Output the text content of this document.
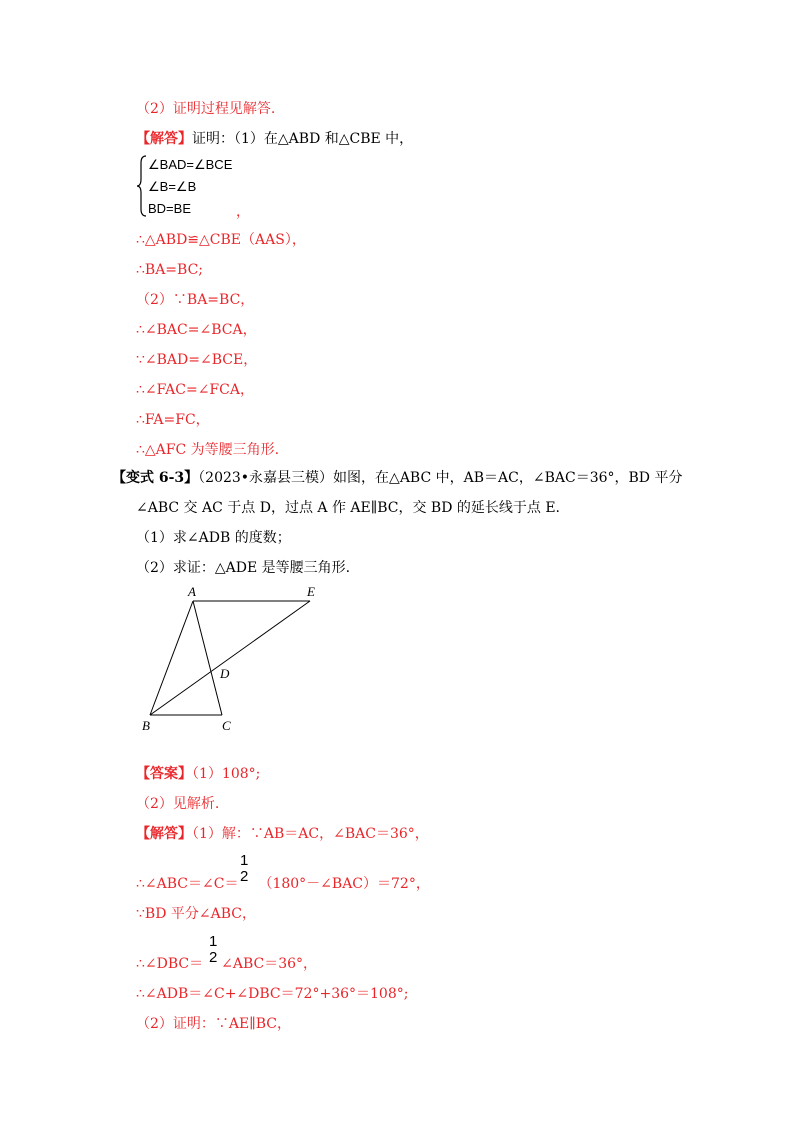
（2）证明过程见解答.
【解答】证明：（1）在△ABD 和△CBE 中，
∠BAD=∠BCE
∠B=∠B
BD=BE	，
∴△ABD≌△CBE（AAS），
∴BA=BC;
（2）∵BA=BC，
∴∠BAC=∠BCA，
∵∠BAD=∠BCE，
∴∠FAC=∠FCA，
∴FA=FC，
∴△AFC 为等腰三角形.
【变式 6-3】（2023•永嘉县三模）如图，在△ABC 中，AB＝AC，∠BAC＝36°，BD 平分
∠ABC 交 AC 于点 D，过点 A 作 AE∥BC，交 BD 的延长线于点 E.
（1）求∠ADB 的度数；
（2）求证：△ADE 是等腰三角形.
A	E
D
B	C
【答案】（1）108°;
（2）见解析.
【解答】（1）解：∵AB＝AC，∠BAC＝36°，
∴∠ABC＝∠C＝ （180°－∠BAC）＝72°，
1
2
∵BD 平分∠ABC，
∴∠DBC＝ ∠ABC＝36°，
1
2
∴∠ADB＝∠C+∠DBC＝72°+36°＝108°;
（2）证明：∵AE∥BC，
